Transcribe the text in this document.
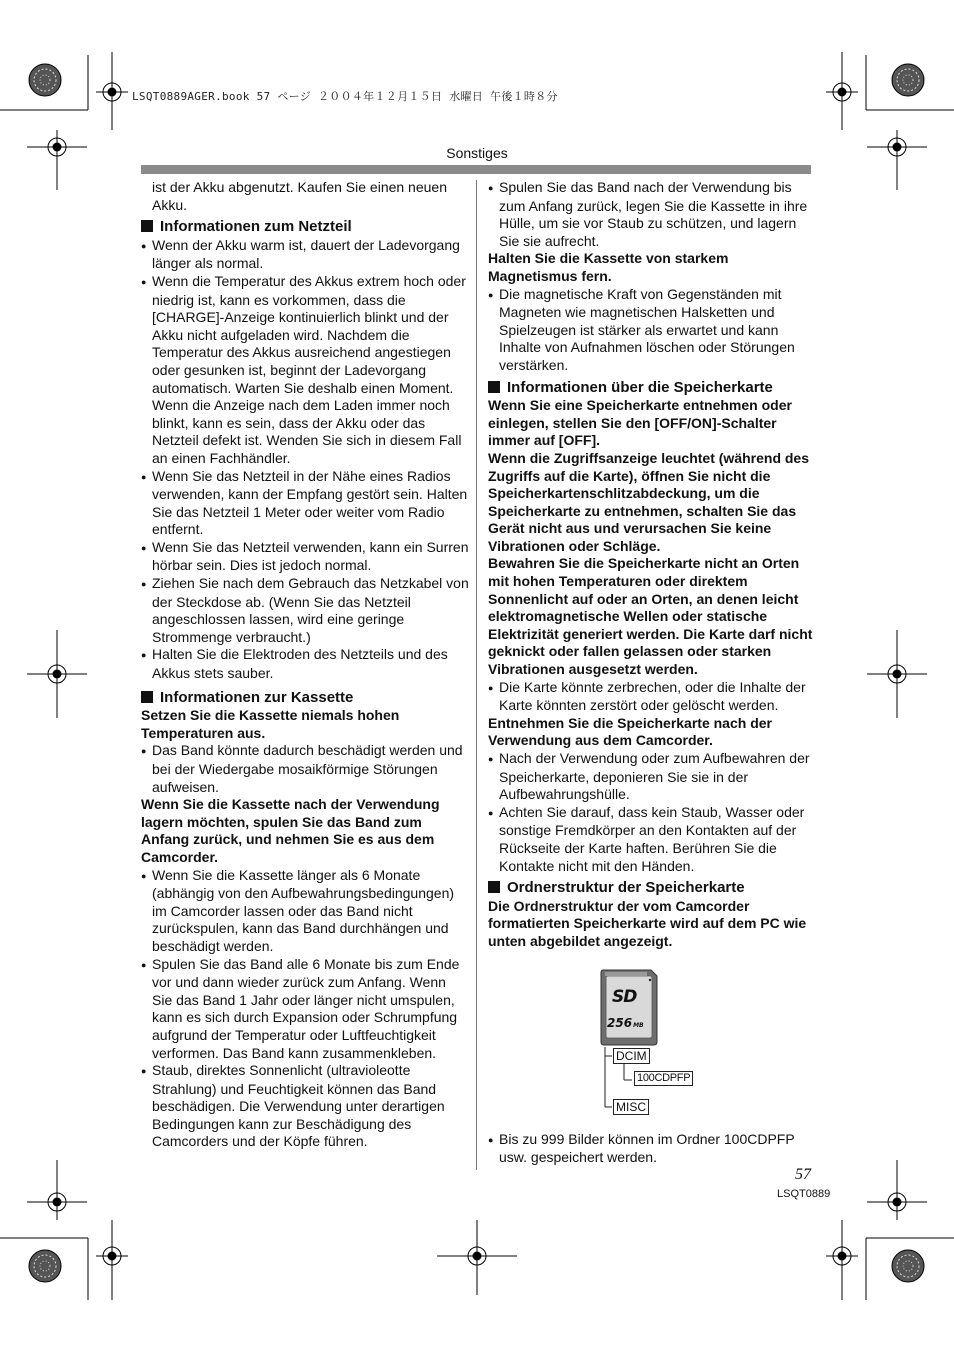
LSQT0889AGER.book 57 ページ ２００４年１２月１５日 水曜日 午後１時８分
Sonstiges

ist der Akku abgenutzt. Kaufen Sie einen neuen Akku.

Informationen zum Netzteil

● Wenn der Akku warm ist, dauert der Ladevorgang länger als normal.

● Wenn die Temperatur des Akkus extrem hoch oder niedrig ist, kann es vorkommen, dass die [CHARGE]-Anzeige kontinuierlich blinkt und der Akku nicht aufgeladen wird. Nachdem die Temperatur des Akkus ausreichend angestiegen oder gesunken ist, beginnt der Ladevorgang automatisch. Warten Sie deshalb einen Moment. Wenn die Anzeige nach dem Laden immer noch blinkt, kann es sein, dass der Akku oder das Netzteil defekt ist. Wenden Sie sich in diesem Fall an einen Fachhändler.

● Wenn Sie das Netzteil in der Nähe eines Radios verwenden, kann der Empfang gestört sein. Halten Sie das Netzteil 1 Meter oder weiter vom Radio entfernt.

● Wenn Sie das Netzteil verwenden, kann ein Surren hörbar sein. Dies ist jedoch normal.

● Ziehen Sie nach dem Gebrauch das Netzkabel von der Steckdose ab. (Wenn Sie das Netzteil angeschlossen lassen, wird eine geringe Strommenge verbraucht.)

● Halten Sie die Elektroden des Netzteils und des Akkus stets sauber.

Informationen zur Kassette

Setzen Sie die Kassette niemals hohen Temperaturen aus.

● Das Band könnte dadurch beschädigt werden und bei der Wiedergabe mosaikförmige Störungen aufweisen.

Wenn Sie die Kassette nach der Verwendung lagern möchten, spulen Sie das Band zum Anfang zurück, und nehmen Sie es aus dem Camcorder.

● Wenn Sie die Kassette länger als 6 Monate (abhängig von den Aufbewahrungsbedingungen) im Camcorder lassen oder das Band nicht zurückspulen, kann das Band durchhängen und beschädigt werden.

● Spulen Sie das Band alle 6 Monate bis zum Ende vor und dann wieder zurück zum Anfang. Wenn Sie das Band 1 Jahr oder länger nicht umspulen, kann es sich durch Expansion oder Schrumpfung aufgrund der Temperatur oder Luftfeuchtigkeit verformen. Das Band kann zusammenkleben.

● Staub, direktes Sonnenlicht (ultravioleotte Strahlung) und Feuchtigkeit können das Band beschädigen. Die Verwendung unter derartigen Bedingungen kann zur Beschädigung des Camcorders und der Köpfe führen.

● Spulen Sie das Band nach der Verwendung bis zum Anfang zurück, legen Sie die Kassette in ihre Hülle, um sie vor Staub zu schützen, und lagern Sie sie aufrecht.

Halten Sie die Kassette von starkem Magnetismus fern.

● Die magnetische Kraft von Gegenständen mit Magneten wie magnetischen Halsketten und Spielzeugen ist stärker als erwartet und kann Inhalte von Aufnahmen löschen oder Störungen verstärken.

Informationen über die Speicherkarte

Wenn Sie eine Speicherkarte entnehmen oder einlegen, stellen Sie den [OFF/ON]-Schalter immer auf [OFF].

Wenn die Zugriffsanzeige leuchtet (während des Zugriffs auf die Karte), öffnen Sie nicht die Speicherkartenschlitzabdeckung, um die Speicherkarte zu entnehmen, schalten Sie das Gerät nicht aus und verursachen Sie keine Vibrationen oder Schläge.

Bewahren Sie die Speicherkarte nicht an Orten mit hohen Temperaturen oder direktem Sonnenlicht auf oder an Orten, an denen leicht elektromagnetische Wellen oder statische Elektrizität generiert werden. Die Karte darf nicht geknickt oder fallen gelassen oder starken Vibrationen ausgesetzt werden.

● Die Karte könnte zerbrechen, oder die Inhalte der Karte könnten zerstört oder gelöscht werden.

Entnehmen Sie die Speicherkarte nach der Verwendung aus dem Camcorder.

● Nach der Verwendung oder zum Aufbewahren der Speicherkarte, deponieren Sie sie in der Aufbewahrungshülle.

● Achten Sie darauf, dass kein Staub, Wasser oder sonstige Fremdkörper an den Kontakten auf der Rückseite der Karte haften. Berühren Sie die Kontakte nicht mit den Händen.

Ordnerstruktur der Speicherkarte

Die Ordnerstruktur der vom Camcorder formatierten Speicherkarte wird auf dem PC wie unten abgebildet angezeigt.

SD
256MB
DCIM
100CDPFP
MISC

● Bis zu 999 Bilder können im Ordner 100CDPFP usw. gespeichert werden.

57
LSQT0889
